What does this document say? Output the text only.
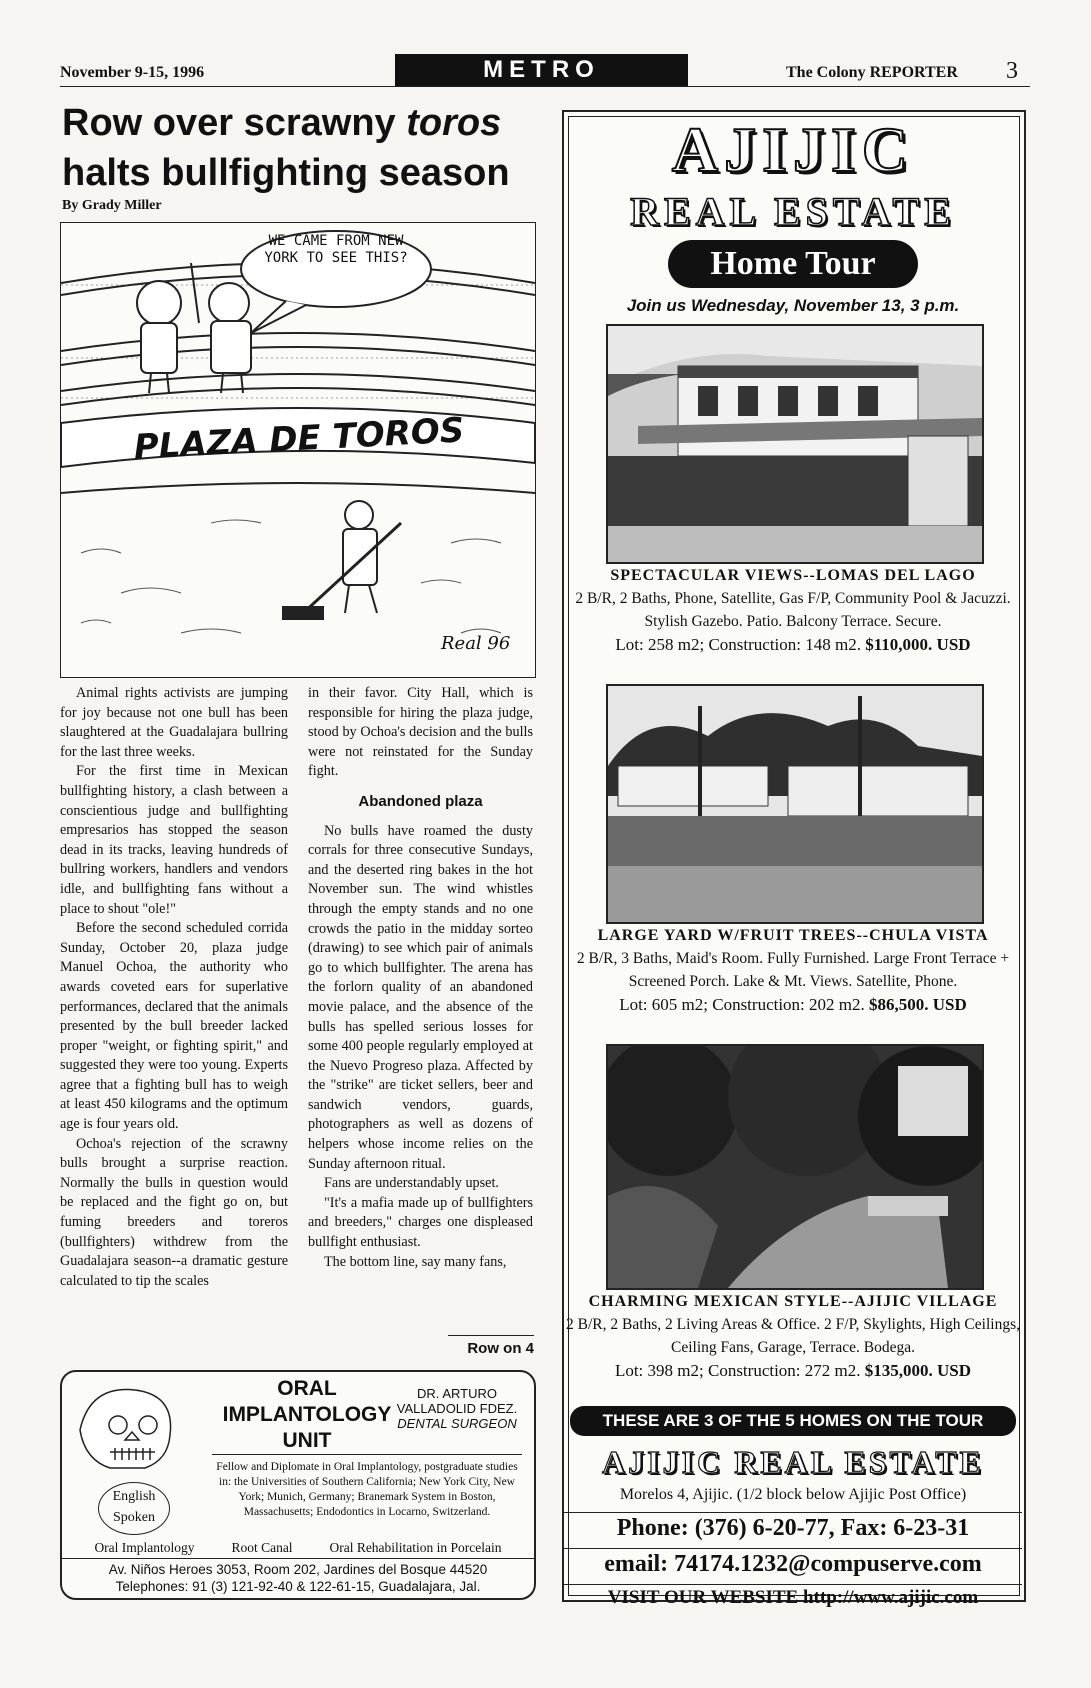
November 9-15, 1996	METRO	The Colony REPORTER 3
Row over scrawny toros
halts bullfighting season
By Grady Miller
WE CAME FROM NEW YORK TO SEE THIS?
PLAZA DE TOROS
Real 96

Animal rights activists are jumping for joy because not one bull has been slaughtered at the Guadalajara bullring for the last three weeks.

For the first time in Mexican bullfighting history, a clash between a conscientious judge and bullfighting empresarios has stopped the season dead in its tracks, leaving hundreds of bullring workers, handlers and vendors idle, and bullfighting fans without a place to shout "ole!"

Before the second scheduled corrida Sunday, October 20, plaza judge Manuel Ochoa, the authority who awards coveted ears for superlative performances, declared that the animals presented by the bull breeder lacked proper "weight, or fighting spirit," and suggested they were too young. Experts agree that a fighting bull has to weigh at least 450 kilograms and the optimum age is four years old.

Ochoa's rejection of the scrawny bulls brought a surprise reaction. Normally the bulls in question would be replaced and the fight go on, but fuming breeders and toreros (bullfighters) withdrew from the Guadalajara season--a dramatic gesture calculated to tip the scales

in their favor. City Hall, which is responsible for hiring the plaza judge, stood by Ochoa's decision and the bulls were not reinstated for the Sunday fight.

Abandoned plaza

No bulls have roamed the dusty corrals for three consecutive Sundays, and the deserted ring bakes in the hot November sun. The wind whistles through the empty stands and no one crowds the patio in the midday sorteo (drawing) to see which pair of animals go to which bullfighter. The arena has the forlorn quality of an abandoned movie palace, and the absence of the bulls has spelled serious losses for some 400 people regularly employed at the Nuevo Progreso plaza. Affected by the "strike" are ticket sellers, beer and sandwich vendors, guards, photographers as well as dozens of helpers whose income relies on the Sunday afternoon ritual.

Fans are understandably upset.

"It's a mafia made up of bullfighters and breeders," charges one displeased bullfight enthusiast.

The bottom line, say many fans,

Row on 4
ORAL
IMPLANTOLOGY
UNIT
DR. ARTURO
VALLADOLID FDEZ.
DENTAL SURGEON
Fellow and Diplomate in Oral Implantology, postgraduate studies in: the Universities of Southern California; New York City, New York; Munich, Germany; Branemark System in Boston, Massachusetts; Endodontics in Locarno, Switzerland.
English
Spoken
Oral Implantology	Root Canal	Oral Rehabilitation in Porcelain
Av. Niños Heroes 3053, Room 202, Jardines del Bosque 44520
Telephones: 91 (3) 121-92-40 & 122-61-15, Guadalajara, Jal.
AJIJIC
REAL ESTATE
Home Tour
Join us Wednesday, November 13, 3 p.m.
SPECTACULAR VIEWS--LOMAS DEL LAGO
2 B/R, 2 Baths, Phone, Satellite, Gas F/P, Community Pool & Jacuzzi. Stylish Gazebo. Patio. Balcony Terrace. Secure.
Lot: 258 m2; Construction: 148 m2. $110,000. USD
LARGE YARD W/FRUIT TREES--CHULA VISTA
2 B/R, 3 Baths, Maid's Room. Fully Furnished. Large Front Terrace + Screened Porch. Lake & Mt. Views. Satellite, Phone.
Lot: 605 m2; Construction: 202 m2. $86,500. USD
CHARMING MEXICAN STYLE--AJIJIC VILLAGE
2 B/R, 2 Baths, 2 Living Areas & Office. 2 F/P, Skylights, High Ceilings, Ceiling Fans, Garage, Terrace. Bodega.
Lot: 398 m2; Construction: 272 m2. $135,000. USD
THESE ARE 3 OF THE 5 HOMES ON THE TOUR
AJIJIC REAL ESTATE
Morelos 4, Ajijic. (1/2 block below Ajijic Post Office)
Phone: (376) 6-20-77, Fax: 6-23-31
email: 74174.1232@compuserve.com
VISIT OUR WEBSITE http://www.ajijic.com
